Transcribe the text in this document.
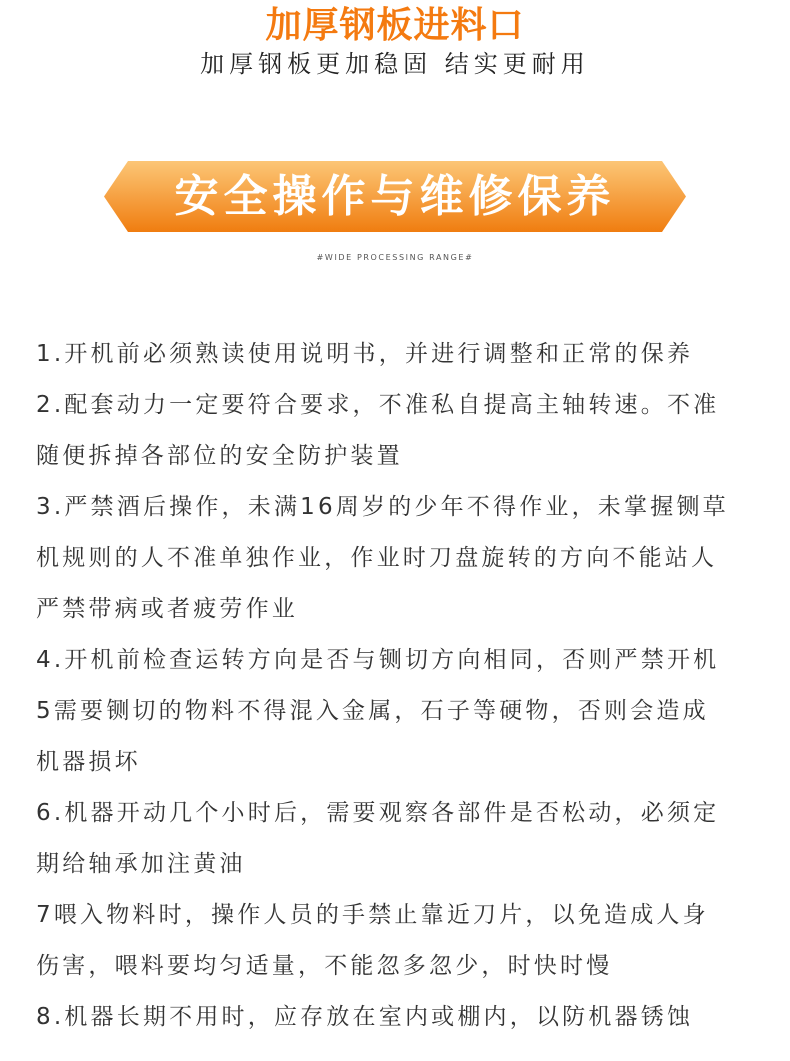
加厚钢板进料口
加厚钢板更加稳固 结实更耐用
安全操作与维修保养
#WIDE PROCESSING RANGE#
1.开机前必须熟读使用说明书，并进行调整和正常的保养
2.配套动力一定要符合要求，不准私自提高主轴转速。不准
随便拆掉各部位的安全防护装置
3.严禁酒后操作，未满16周岁的少年不得作业，未掌握铡草
机规则的人不准单独作业，作业时刀盘旋转的方向不能站人
严禁带病或者疲劳作业
4.开机前检查运转方向是否与铡切方向相同，否则严禁开机
5需要铡切的物料不得混入金属，石子等硬物，否则会造成
机器损坏
6.机器开动几个小时后，需要观察各部件是否松动，必须定
期给轴承加注黄油
7喂入物料时，操作人员的手禁止靠近刀片，以免造成人身
伤害，喂料要均匀适量，不能忽多忽少，时快时慢
8.机器长期不用时，应存放在室内或棚内，以防机器锈蚀
